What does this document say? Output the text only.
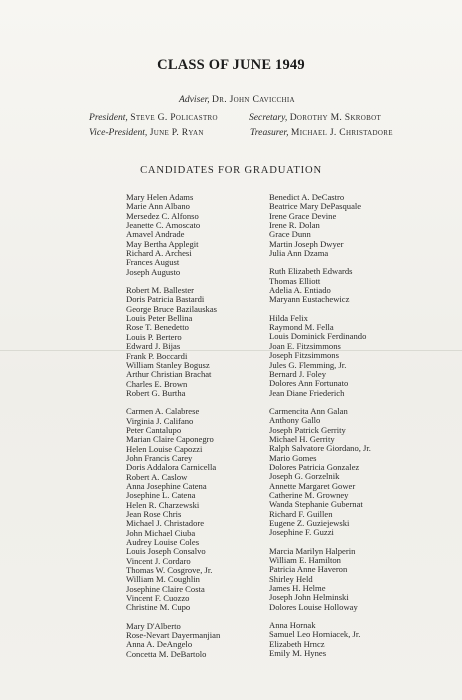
CLASS OF JUNE 1949
Adviser, Dr. John Cavicchia
President, Steve G. Policastro	Secretary, Dorothy M. Skrobot
Vice-President, June P. Ryan	Treasurer, Michael J. Christadore
CANDIDATES FOR GRADUATION
Mary Helen Adams
Marie Ann Albano
Mersedez C. Alfonso
Jeanette C. Amoscato
Amavel Andrade
May Bertha Applegit
Richard A. Archesi
Frances August
Joseph Augusto
Robert M. Ballester
Doris Patricia Bastardi
George Bruce Bazilauskas
Louis Peter Bellina
Rose T. Benedetto
Louis P. Bertero
Edward J. Bijas
Frank P. Boccardi
William Stanley Bogusz
Arthur Christian Brachat
Charles E. Brown
Robert G. Burtha
Carmen A. Calabrese
Virginia J. Califano
Peter Cantalupo
Marian Claire Caponegro
Helen Louise Capozzi
John Francis Carey
Doris Addalora Carnicella
Robert A. Caslow
Anna Josephine Catena
Josephine L. Catena
Helen R. Charzewski
Jean Rose Chris
Michael J. Christadore
John Michael Ciuba
Audrey Louise Coles
Louis Joseph Consalvo
Vincent J. Cordaro
Thomas W. Cosgrove, Jr.
William M. Coughlin
Josephine Claire Costa
Vincent F. Cuozzo
Christine M. Cupo
Mary D'Alberto
Rose-Nevart Dayermanjian
Anna A. DeAngelo
Concetta M. DeBartolo
Benedict A. DeCastro
Beatrice Mary DePasquale
Irene Grace Devine
Irene R. Dolan
Grace Dunn
Martin Joseph Dwyer
Julia Ann Dzama
Ruth Elizabeth Edwards
Thomas Elliott
Adelia A. Entiado
Maryann Eustachewicz
Hilda Felix
Raymond M. Fella
Louis Dominick Ferdinando
Joan E. Fitzsimmons
Joseph Fitzsimmons
Jules G. Flemming, Jr.
Bernard J. Foley
Dolores Ann Fortunato
Jean Diane Friederich
Carmencita Ann Galan
Anthony Gallo
Joseph Patrick Gerrity
Michael H. Gerrity
Ralph Salvatore Giordano, Jr.
Mario Gomes
Dolores Patricia Gonzalez
Joseph G. Gorzelnik
Annette Margaret Gower
Catherine M. Growney
Wanda Stephanie Gubernat
Richard F. Guillen
Eugene Z. Guziejewski
Josephine F. Guzzi
Marcia Marilyn Halperin
William E. Hamilton
Patricia Anne Haveron
Shirley Held
James H. Helme
Joseph John Helminski
Dolores Louise Holloway
Anna Hornak
Samuel Leo Horniacek, Jr.
Elizabeth Hrncz
Emily M. Hynes
